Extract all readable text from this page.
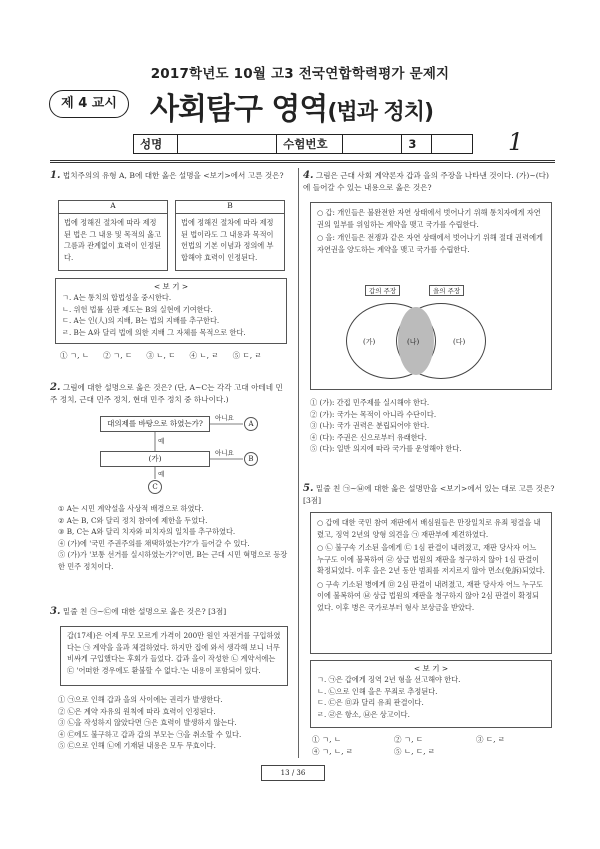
2017학년도 10월 고3 전국연합학력평가 문제지
제 4 교시	사회탐구 영역(법과 정치)
성명	수험번호	3	1
1. 법치주의의 유형 A, B에 대한 옳은 설명을 <보기>에서 고른 것은?
A
법에 정해진 절차에 따라 제정된 법은 그 내용 및 목적의 옳고 그름과 관계없이 효력이 인정된다.
B
법에 정해진 절차에 따라 제정된 법이라도 그 내용과 목적이 헌법의 기본 이념과 정의에 부합해야 효력이 인정된다.
< 보 기 >
ㄱ. A는 통치의 합법성을 중시한다.
ㄴ. 위헌 법률 심판 제도는 B의 실현에 기여한다.
ㄷ. A는 인(人)의 지배, B는 법의 지배를 추구한다.
ㄹ. B는 A와 달리 법에 의한 지배 그 자체를 목적으로 한다.
① ㄱ, ㄴ ② ㄱ, ㄷ ③ ㄴ, ㄷ ④ ㄴ, ㄹ ⑤ ㄷ, ㄹ
2. 그림에 대한 설명으로 옳은 것은? (단, A~C는 각각 고대 아테네 민주 정치, 근대 민주 정치, 현대 민주 정치 중 하나이다.)
대의제를 바탕으로 하였는가?
(가)
아니요
아니요
예
예
A
B
C
① A는 시민 계약설을 사상적 배경으로 하였다.
② A는 B, C와 달리 정치 참여에 제한을 두었다.
③ B, C는 A와 달리 치자와 피치자의 일치를 추구하였다.
④ (가)에 '국민 주권주의를 채택하였는가?'가 들어갈 수 있다.
⑤ (가)가 '보통 선거를 실시하였는가?'이면, B는 근대 시민 혁명으로 등장한 민주 정치이다.
3. 밑줄 친 ㉠~㉢에 대한 설명으로 옳은 것은? [3점]
갑(17세)은 어제 무모 모르게 가격이 200만 원인 자전거를 구입하였다는 ㉠ 계약을 을과 체결하였다. 하지만 집에 와서 생각해 보니 너무 비싸게 구입했다는 후회가 들었다. 갑과 을이 작성한 ㉡ 계약서에는 ㉢ '어떠한 경우에도 환불할 수 없다.'는 내용이 포함되어 있다.
① ㉠으로 인해 갑과 을의 사이에는 권리가 발생한다.
② ㉡은 계약 자유의 원칙에 따라 효력이 인정된다.
③ ㉡을 작성하지 않았다면 ㉠은 효력이 발생하지 않는다.
④ ㉢에도 불구하고 갑과 갑의 부모는 ㉠을 취소할 수 있다.
⑤ ㉢으로 인해 ㉡에 기재된 내용은 모두 무효이다.
4. 그림은 근대 사회 계약론자 갑과 을의 주장을 나타낸 것이다. (가)~(다)에 들어갈 수 있는 내용으로 옳은 것은?
○ 갑: 개인들은 불완전한 자연 상태에서 벗어나기 위해 통치자에게 자연권의 일부를 위임하는 계약을 맺고 국가를 수립한다.
○ 을: 개인들은 전쟁과 같은 자연 상태에서 벗어나기 위해 절대 권력에게 자연권을 양도하는 계약을 맺고 국가를 수립한다.
갑의 주장	을의 주장
(가)	(나)	(다)
① (가): 간접 민주제를 실시해야 한다.
② (가): 국가는 목적이 아니라 수단이다.
③ (나): 국가 권력은 분립되어야 한다.
④ (다): 주권은 신으로부터 유래한다.
⑤ (다): 일반 의지에 따라 국가를 운영해야 한다.
5. 밑줄 친 ㉠~㉥에 대한 옳은 설명만을 <보기>에서 있는 대로 고른 것은? [3점]
○ 갑에 대한 국민 참여 재판에서 배심원들은 만장일치로 유죄 평결을 내렸고, 징역 2년의 양형 의견을 ㉠ 재판부에 제견하였다.
○ ㉡ 불구속 기소된 을에게 ㉢ 1심 판결이 내려졌고, 재판 당사자 어느 누구도 이에 불복하여 ㉣ 상급 법원의 재판을 청구하지 않아 1심 판결이 확정되었다. 이후 을은 2년 동안 범죄를 저지르지 않아 면소(免訴)되었다.
○ 구속 기소된 병에게 ㉤ 2심 판결이 내려졌고, 재판 당사자 어느 누구도 이에 불복하여 ㉥ 상급 법원의 재판을 청구하지 않아 2심 판결이 확정되었다. 이후 병은 국가로부터 형사 보상금을 받았다.
< 보 기 >
ㄱ. ㉠은 갑에게 징역 2년 형을 선고해야 한다.
ㄴ. ㉡으로 인해 을은 무죄로 추정된다.
ㄷ. ㉢은 ㉤과 달리 유죄 판결이다.
ㄹ. ㉣은 항소, ㉥은 상고이다.
① ㄱ, ㄴ	② ㄱ, ㄷ	③ ㄷ, ㄹ
④ ㄱ, ㄴ, ㄹ	⑤ ㄴ, ㄷ, ㄹ
13 / 36
